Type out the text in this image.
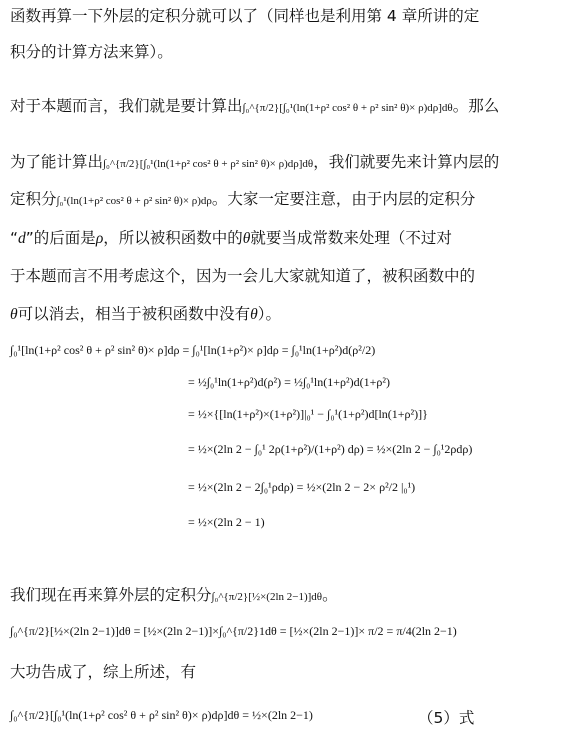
函数再算一下外层的定积分就可以了（同样也是利用第 4 章所讲的定
积分的计算方法来算）。
对于本题而言，我们就是要计算出∫₀^{π/2}[∫₀¹(ln(1+ρ² cos² θ + ρ² sin² θ)× ρ)dρ]dθ。那么
为了能计算出∫₀^{π/2}[∫₀¹(ln(1+ρ² cos² θ + ρ² sin² θ)× ρ)dρ]dθ，我们就要先来计算内层的
定积分∫₀¹(ln(1+ρ² cos² θ + ρ² sin² θ)× ρ)dρ。大家一定要注意，由于内层的定积分
“d”的后面是ρ，所以被积函数中的θ就要当成常数来处理（不过对
于本题而言不用考虑这个，因为一会儿大家就知道了，被积函数中的
θ可以消去，相当于被积函数中没有θ）。
∫₀¹[ln(1+ρ² cos² θ + ρ² sin² θ)× ρ]dρ = ∫₀¹[ln(1+ρ²)× ρ]dρ = ∫₀¹ln(1+ρ²)d(ρ²/2)
= ½∫₀¹ln(1+ρ²)d(ρ²) = ½∫₀¹ln(1+ρ²)d(1+ρ²)
= ½×{[ln(1+ρ²)×(1+ρ²)]|₀¹ − ∫₀¹(1+ρ²)d[ln(1+ρ²)]}
= ½×(2ln 2 − ∫₀¹ 2ρ(1+ρ²)/(1+ρ²) dρ) = ½×(2ln 2 − ∫₀¹2ρdρ)
= ½×(2ln 2 − 2∫₀¹ρdρ) = ½×(2ln 2 − 2× ρ²/2 |₀¹)
= ½×(2ln 2 − 1)
我们现在再来算外层的定积分∫₀^{π/2}[½×(2ln 2−1)]dθ。
∫₀^{π/2}[½×(2ln 2−1)]dθ = [½×(2ln 2−1)]×∫₀^{π/2}1dθ = [½×(2ln 2−1)]× π/2 = π/4(2ln 2−1)
大功告成了，综上所述，有
∫₀^{π/2}[∫₀¹(ln(1+ρ² cos² θ + ρ² sin² θ)× ρ)dρ]dθ = ½×(2ln 2−1)	（5）式
